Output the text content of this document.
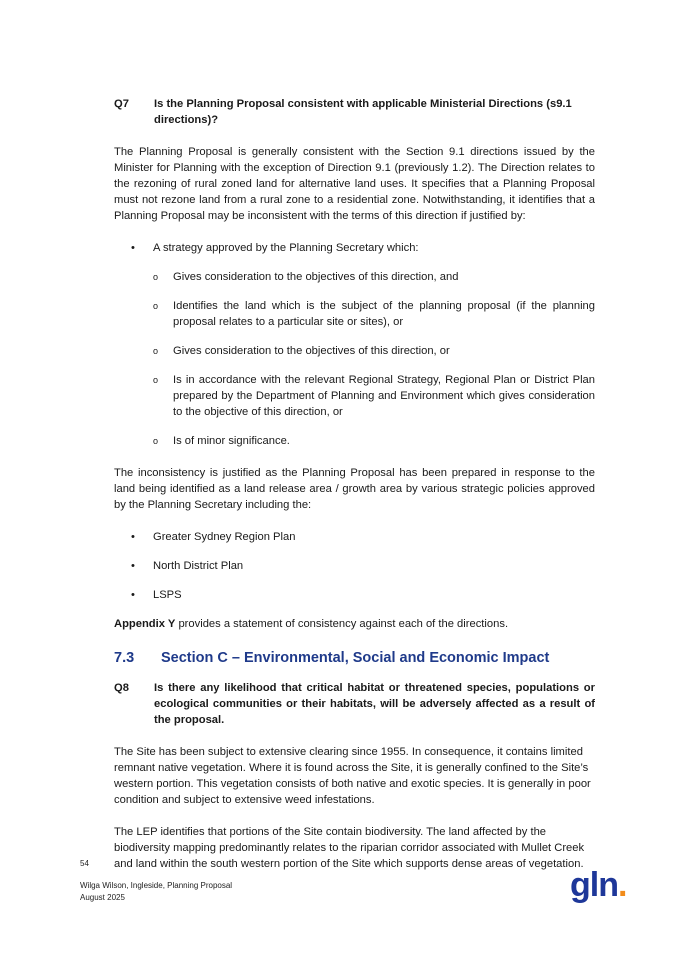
Q7	Is the Planning Proposal consistent with applicable Ministerial Directions (s9.1 directions)?

The Planning Proposal is generally consistent with the Section 9.1 directions issued by the Minister for Planning with the exception of Direction 9.1 (previously 1.2). The Direction relates to the rezoning of rural zoned land for alternative land uses. It specifies that a Planning Proposal must not rezone land from a rural zone to a residential zone. Notwithstanding, it identifies that a Planning Proposal may be inconsistent with the terms of this direction if justified by:

•	A strategy approved by the Planning Secretary which:
o	Gives consideration to the objectives of this direction, and
o	Identifies the land which is the subject of the planning proposal (if the planning proposal relates to a particular site or sites), or
o	Gives consideration to the objectives of this direction, or
o	Is in accordance with the relevant Regional Strategy, Regional Plan or District Plan prepared by the Department of Planning and Environment which gives consideration to the objective of this direction, or
o	Is of minor significance.

The inconsistency is justified as the Planning Proposal has been prepared in response to the land being identified as a land release area / growth area by various strategic policies approved by the Planning Secretary including the:

•	Greater Sydney Region Plan
•	North District Plan
•	LSPS

Appendix Y provides a statement of consistency against each of the directions.

7.3	Section C – Environmental, Social and Economic Impact
Q8	Is there any likelihood that critical habitat or threatened species, populations or ecological communities or their habitats, will be adversely affected as a result of the proposal.

The Site has been subject to extensive clearing since 1955. In consequence, it contains limited remnant native vegetation. Where it is found across the Site, it is generally confined to the Site’s western portion. This vegetation consists of both native and exotic species. It is generally in poor condition and subject to extensive weed infestations.

The LEP identifies that portions of the Site contain biodiversity. The land affected by the biodiversity mapping predominantly relates to the riparian corridor associated with Mullet Creek and land within the south western portion of the Site which supports dense areas of vegetation.

54
Wilga Wilson, Ingleside, Planning Proposal
August 2025	gln.
